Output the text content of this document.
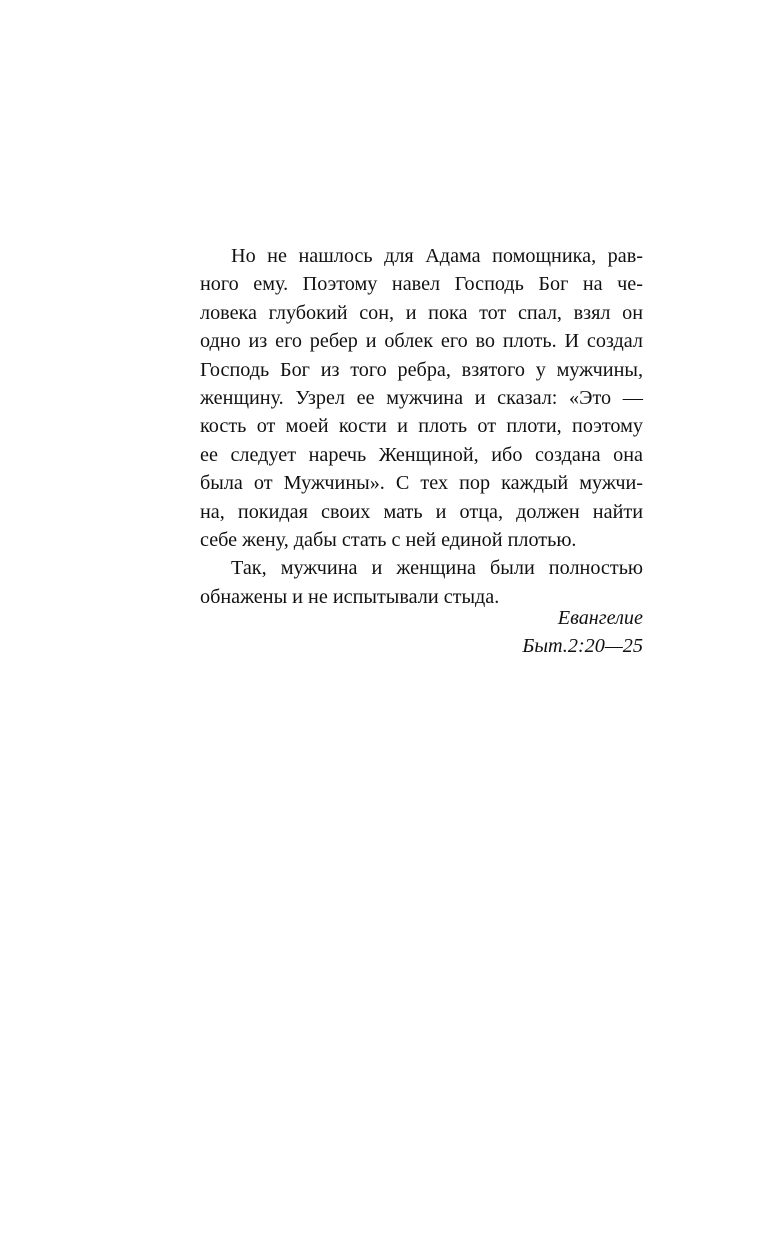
Но не нашлось для Адама помощника, рав-
ного ему. Поэтому навел Господь Бог на че-
ловека глубокий сон, и пока тот спал, взял он
одно из его ребер и облек его во плоть. И создал
Господь Бог из того ребра, взятого у мужчины,
женщину. Узрел ее мужчина и сказал: «Это —
кость от моей кости и плоть от плоти, поэтому
ее следует наречь Женщиной, ибо создана она
была от Мужчины». С тех пор каждый мужчи-
на, покидая своих мать и отца, должен найти
себе жену, дабы стать с ней единой плотью.
Так, мужчина и женщина были полностью
обнажены и не испытывали стыда.
Евангелие
Быт.2:20—25
